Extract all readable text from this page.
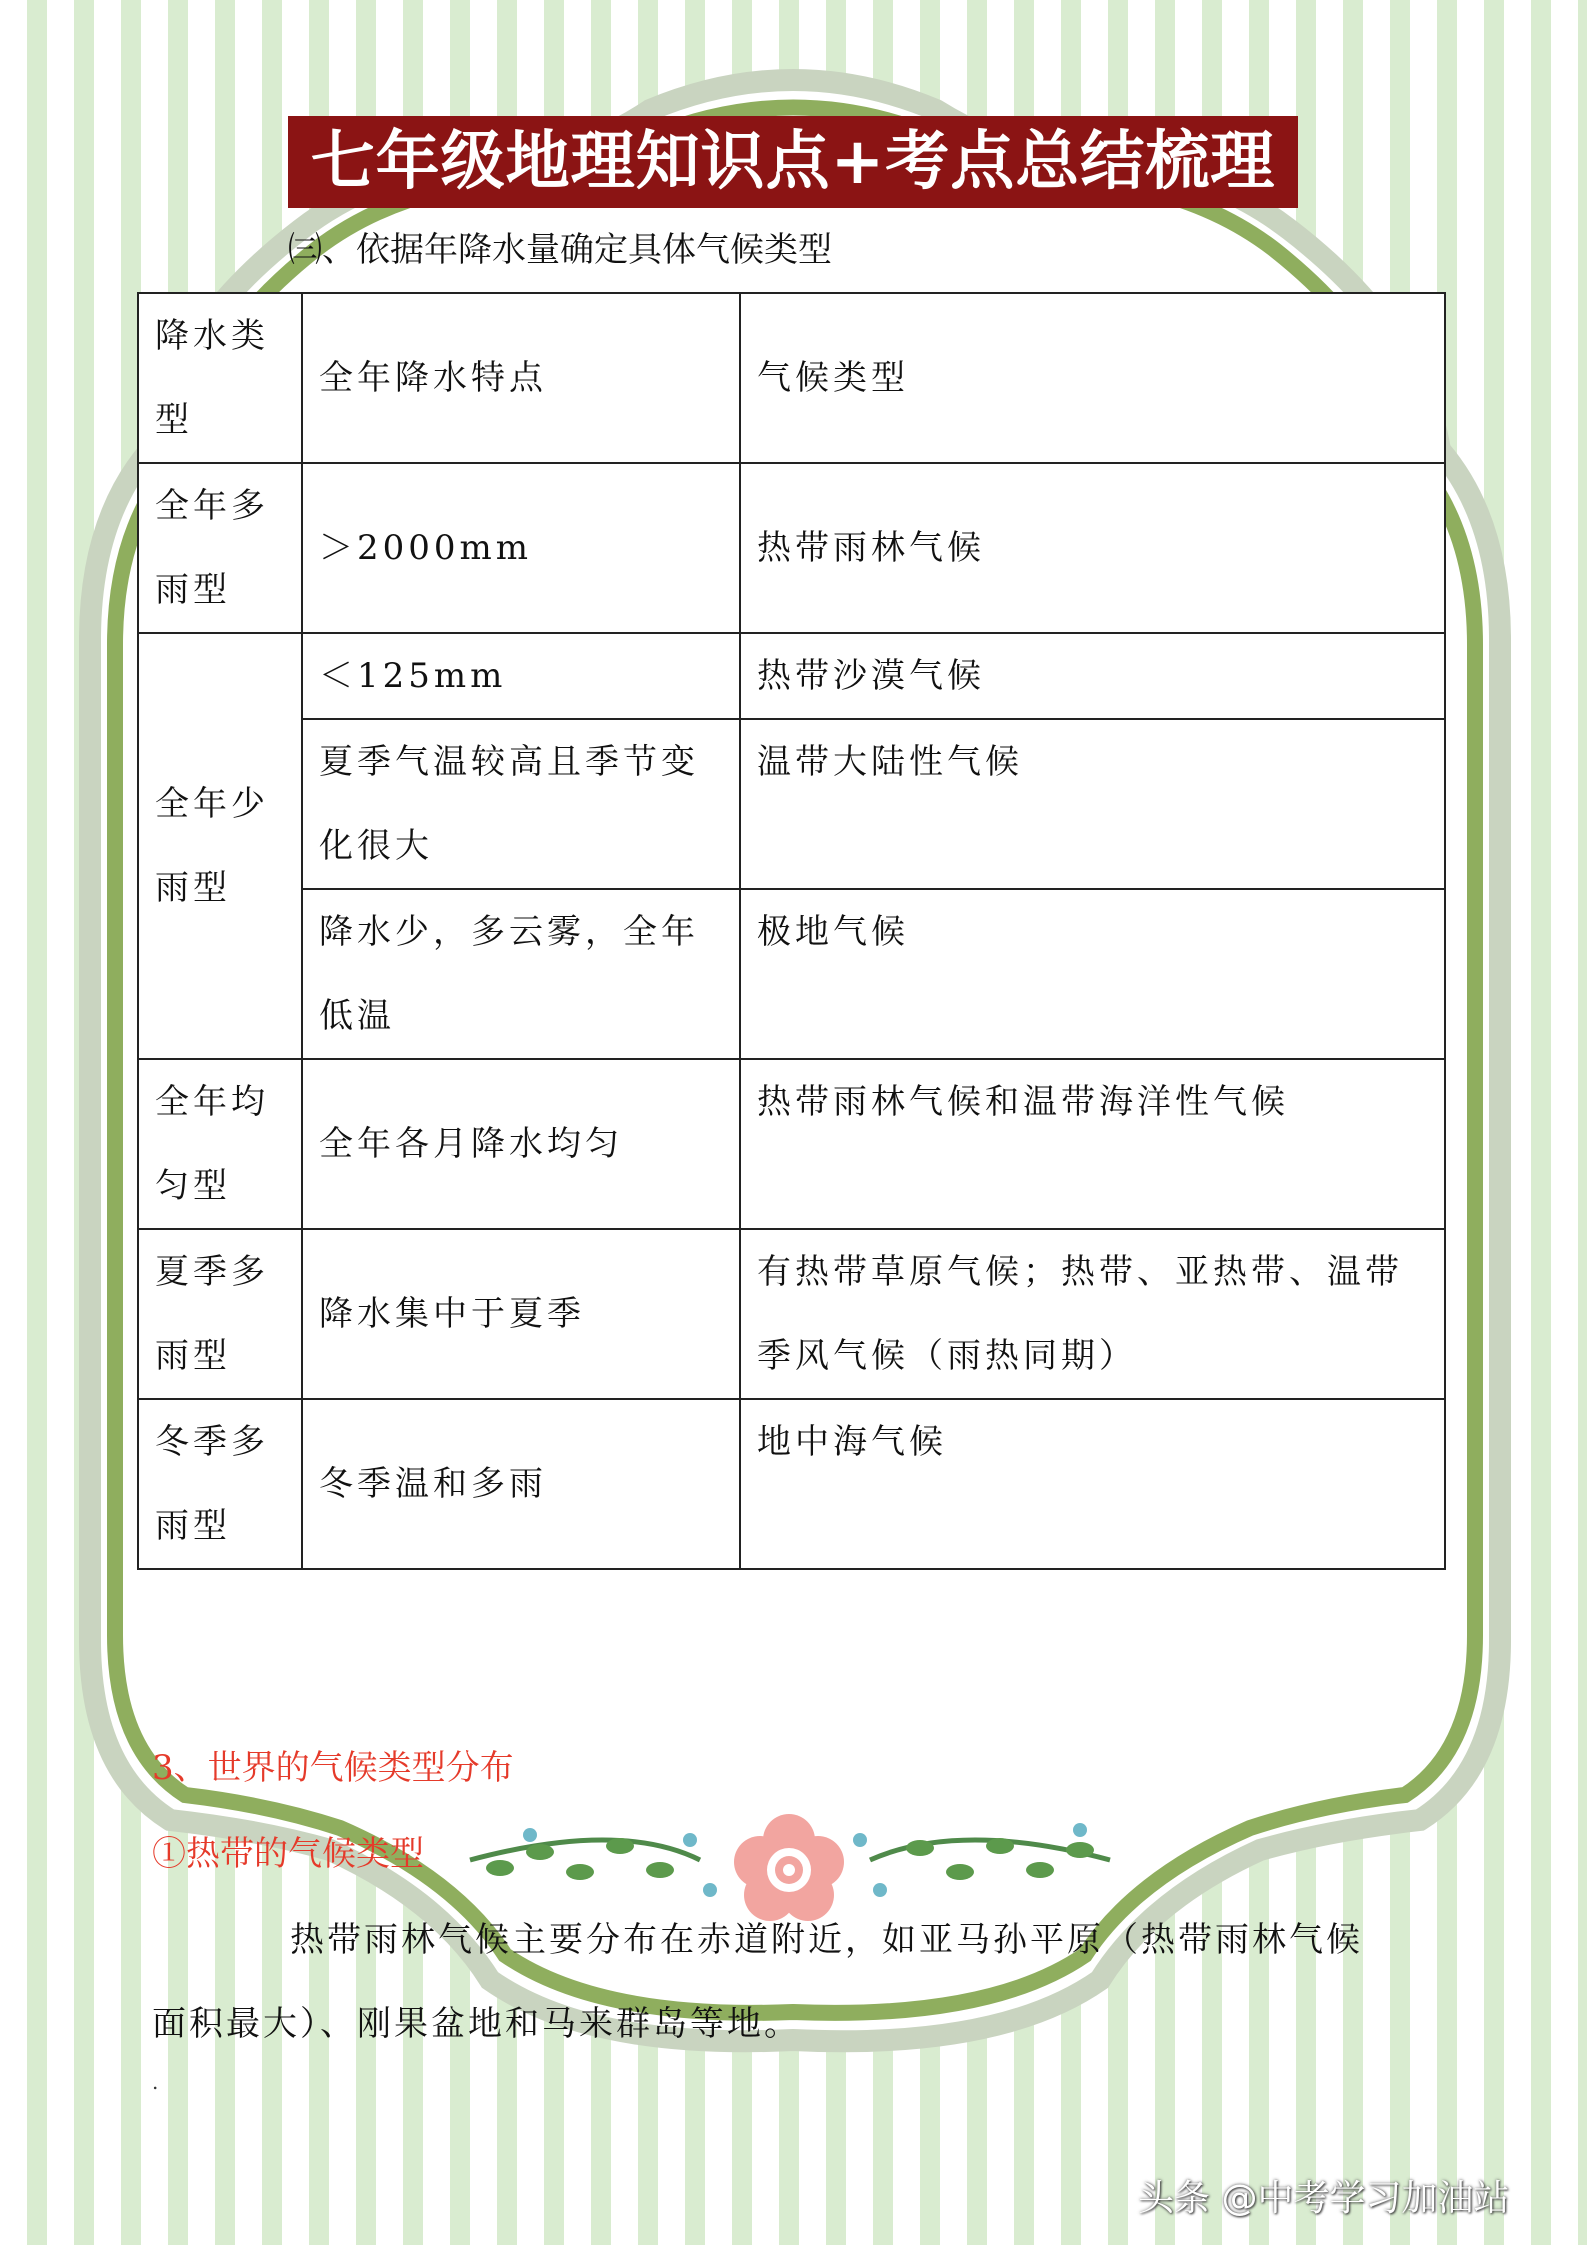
七年级地理知识点+考点总结梳理
㈢、依据年降水量确定具体气候类型
降水类型	全年降水特点	气候类型
全年多雨型	＞2000mm	热带雨林气候
全年少雨型	＜125mm	热带沙漠气候
	夏季气温较高且季节变化很大	温带大陆性气候
	降水少，多云雾，全年低温	极地气候
全年均匀型	全年各月降水均匀	热带雨林气候和温带海洋性气候
夏季多雨型	降水集中于夏季	有热带草原气候；热带、亚热带、温带季风气候（雨热同期）
冬季多雨型	冬季温和多雨	地中海气候
3、世界的气候类型分布
①热带的气候类型
热带雨林气候主要分布在赤道附近，如亚马孙平原（热带雨林气候
面积最大）、刚果盆地和马来群岛等地。
.
头条 @中考学习加油站
